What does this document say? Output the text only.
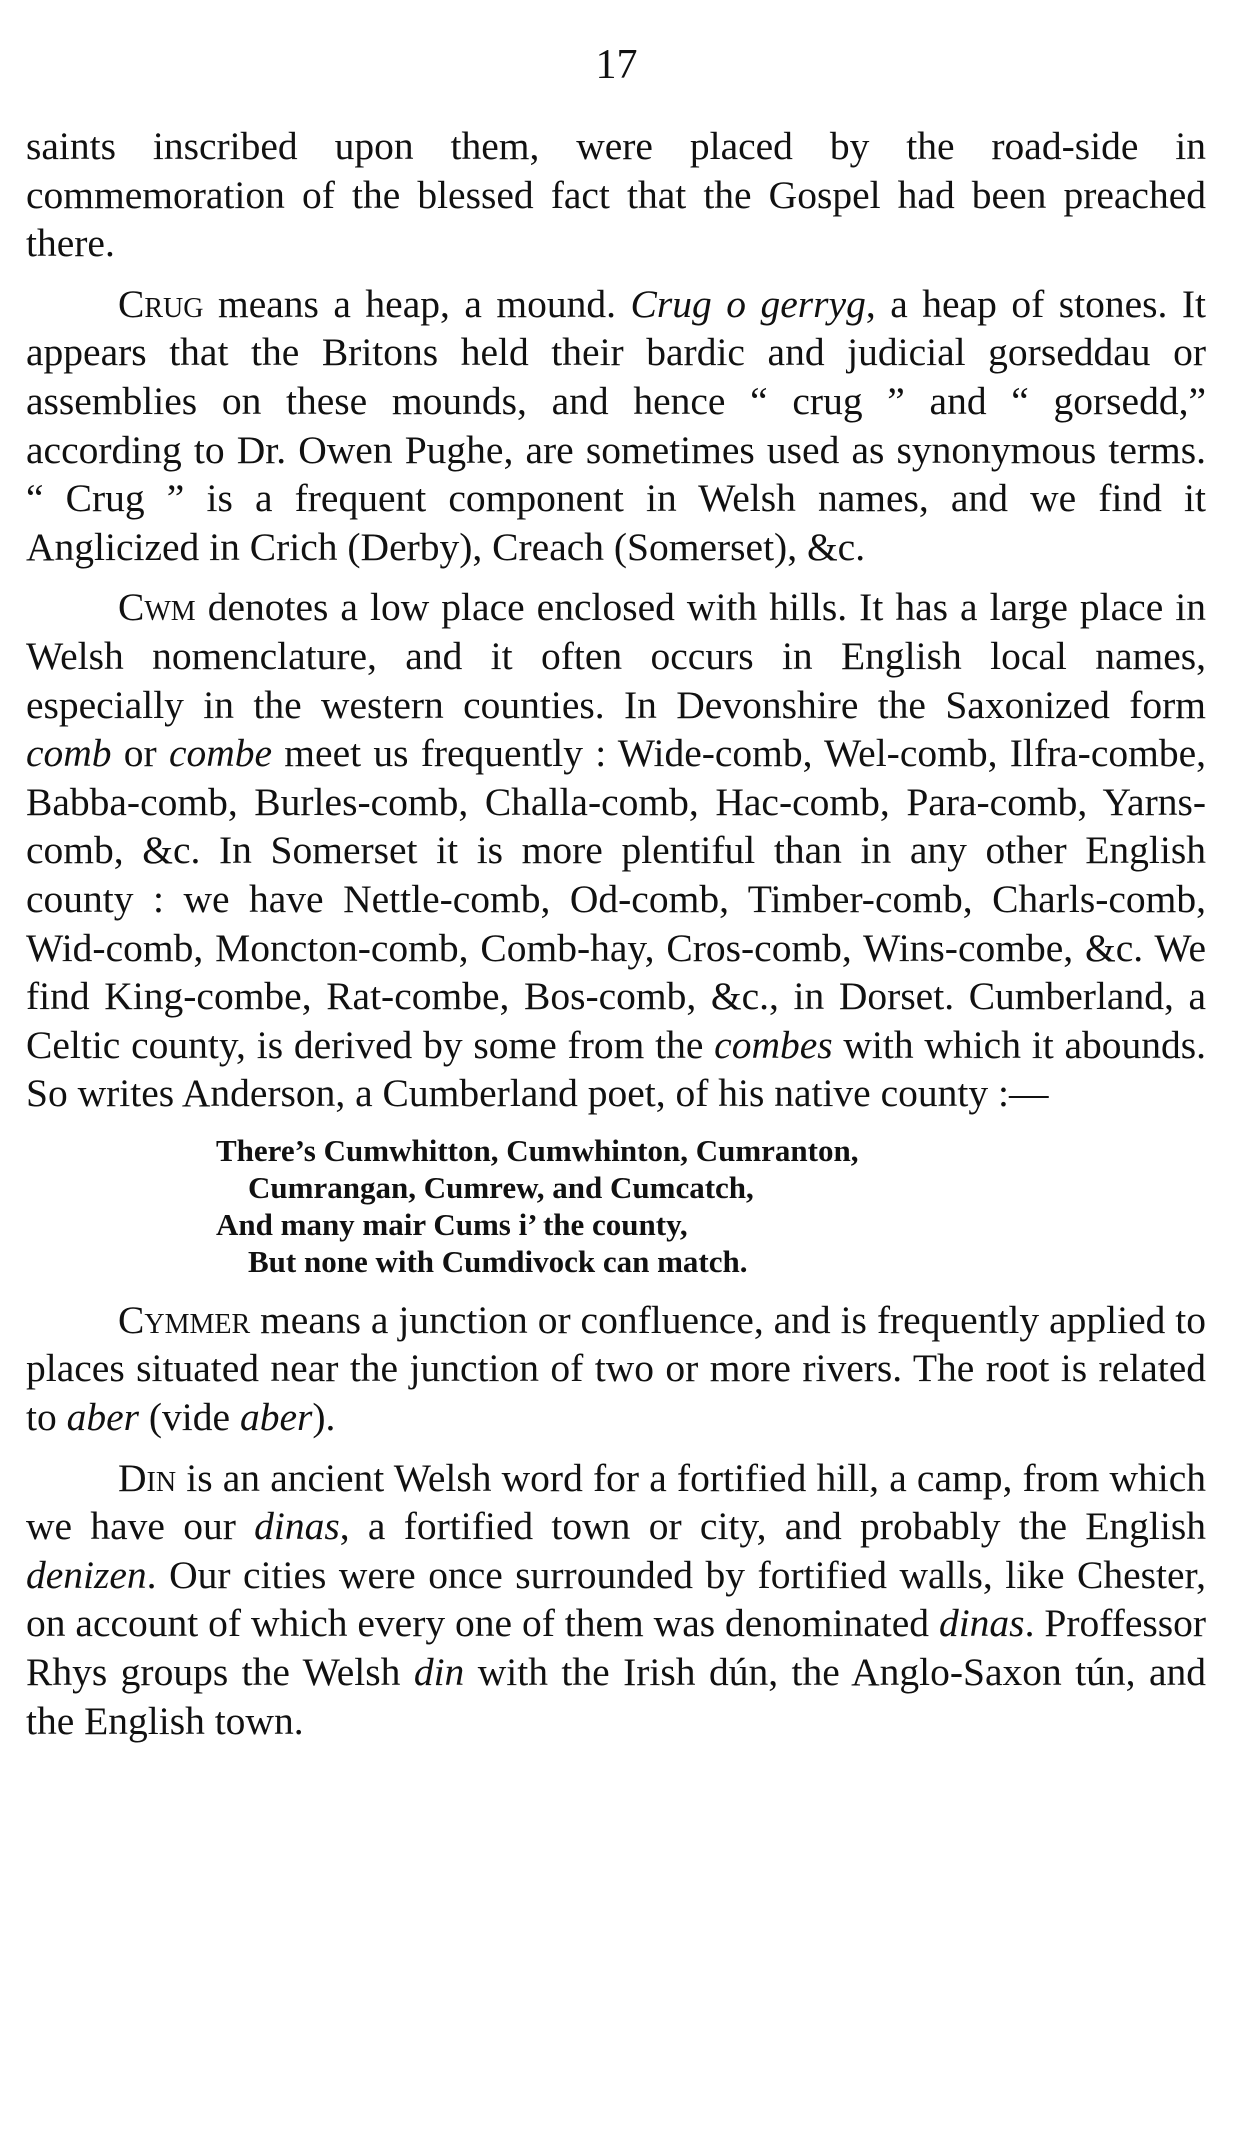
17

saints inscribed upon them, were placed by the road-side in commemoration of the blessed fact that the Gospel had been preached there.

Crug means a heap, a mound. Crug o gerryg, a heap of stones. It appears that the Britons held their bardic and judicial gorseddau or assemblies on these mounds, and hence “ crug ” and “ gorsedd,” according to Dr. Owen Pughe, are sometimes used as synonymous terms. “ Crug ” is a frequent component in Welsh names, and we find it Anglicized in Crich (Derby), Creach (Somerset), &c.

Cwm denotes a low place enclosed with hills. It has a large place in Welsh nomenclature, and it often occurs in English local names, especially in the western counties. In Devonshire the Saxonized form comb or combe meet us frequently : Wide-comb, Wel-comb, Ilfra-combe, Babba-comb, Burles-comb, Challa-comb, Hac-comb, Para-comb, Yarns-comb, &c. In Somerset it is more plentiful than in any other English county : we have Nettle-comb, Od-comb, Timber-comb, Charls-comb, Wid-comb, Moncton-comb, Comb-hay, Cros-comb, Wins-combe, &c. We find King-combe, Rat-combe, Bos-comb, &c., in Dorset. Cumberland, a Celtic county, is derived by some from the combes with which it abounds. So writes Anderson, a Cumberland poet, of his native county :—

There’s Cumwhitton, Cumwhinton, Cumranton,
Cumrangan, Cumrew, and Cumcatch,
And many mair Cums i’ the county,
But none with Cumdivock can match.

Cymmer means a junction or confluence, and is frequently applied to places situated near the junction of two or more rivers. The root is related to aber (vide aber).

Din is an ancient Welsh word for a fortified hill, a camp, from which we have our dinas, a fortified town or city, and probably the English denizen. Our cities were once surrounded by fortified walls, like Chester, on account of which every one of them was denominated dinas. Proffessor Rhys groups the Welsh din with the Irish dún, the Anglo-Saxon tún, and the English town.
